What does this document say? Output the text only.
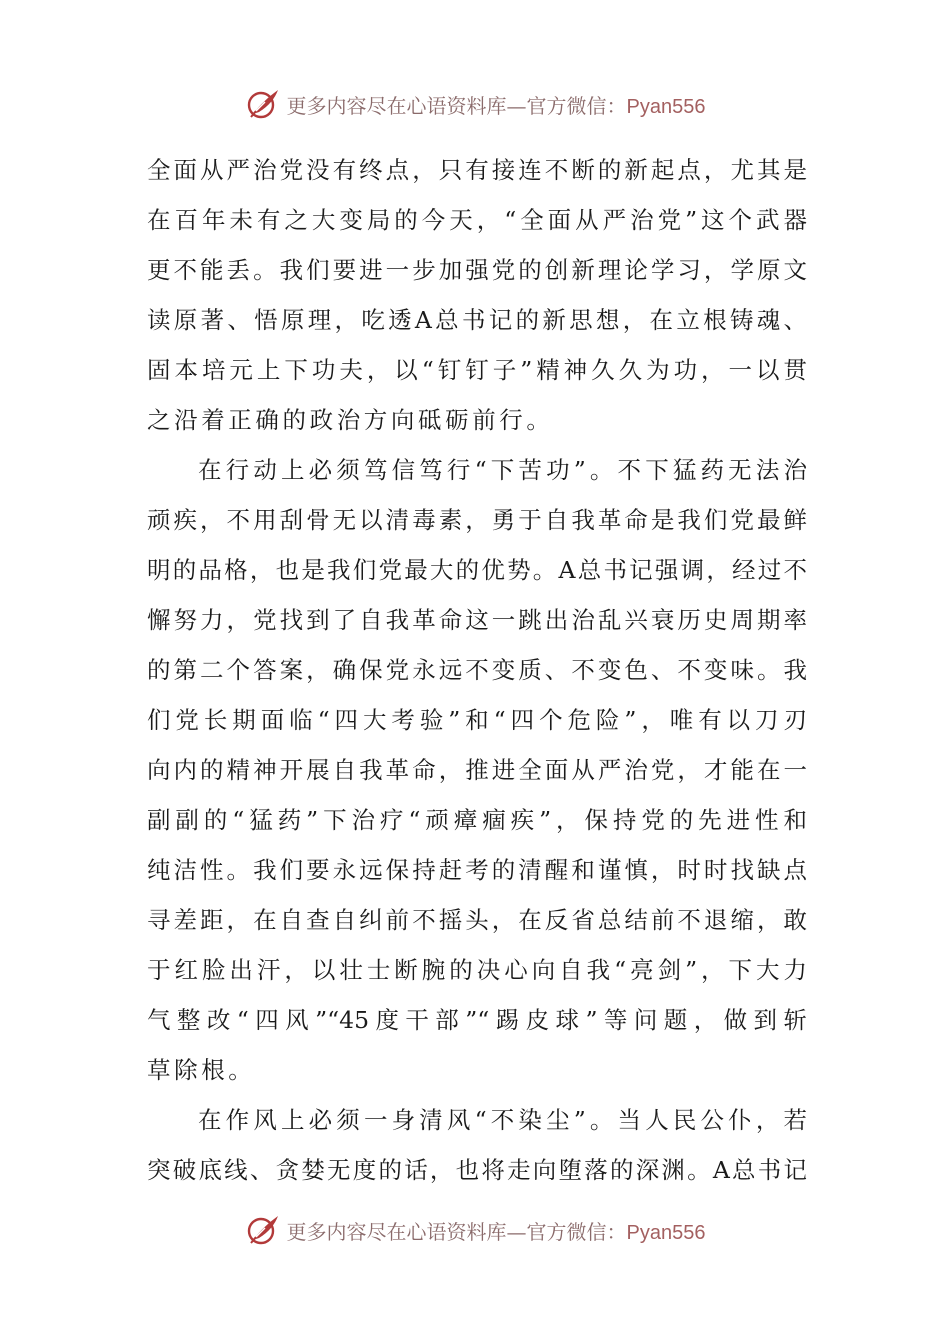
更多内容尽在心语资料库—官方微信：Pyan556
全面从严治党没有终点，只有接连不断的新起点，尤其是
在百年未有之大变局的今天，“全面从严治党”这个武器
更不能丢。我们要进一步加强党的创新理论学习，学原文
读原著、悟原理，吃透A总书记的新思想，在立根铸魂、
固本培元上下功夫，以“钉钉子”精神久久为功，一以贯
之沿着正确的政治方向砥砺前行。
在行动上必须笃信笃行“下苦功”。不下猛药无法治
顽疾，不用刮骨无以清毒素，勇于自我革命是我们党最鲜
明的品格，也是我们党最大的优势。A总书记强调，经过不
懈努力，党找到了自我革命这一跳出治乱兴衰历史周期率
的第二个答案，确保党永远不变质、不变色、不变味。我
们党长期面临“四大考验”和“四个危险”，唯有以刀刃
向内的精神开展自我革命，推进全面从严治党，才能在一
副副的“猛药”下治疗“顽瘴痼疾”，保持党的先进性和
纯洁性。我们要永远保持赶考的清醒和谨慎，时时找缺点
寻差距，在自查自纠前不摇头，在反省总结前不退缩，敢
于红脸出汗，以壮士断腕的决心向自我“亮剑”，下大力
气整改“四风”“45度干部”“踢皮球”等问题，做到斩
草除根。
在作风上必须一身清风“不染尘”。当人民公仆，若
突破底线、贪婪无度的话，也将走向堕落的深渊。A总书记
更多内容尽在心语资料库—官方微信：Pyan556
